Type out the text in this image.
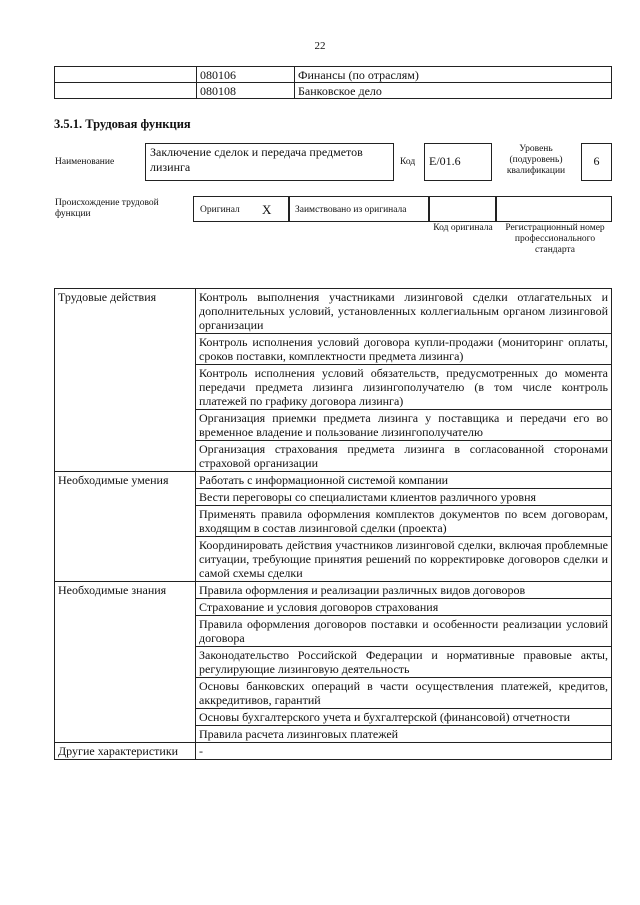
22
	080106	Финансы (по отраслям)
	080108	Банковское дело
3.5.1. Трудовая функция
Наименование
Заключение сделок и передача предметов лизинга	Код	E/01.6
Уровень (подуровень) квалификации
6
Происхождение трудовой функции	Оригинал X	Заимствовано из оригинала
Код оригинала	Регистрационный номер профессионального стандарта
Трудовые действия	Контроль выполнения участниками лизинговой сделки отлагательных и дополнительных условий, установленных коллегиальным органом лизинговой организации
	Контроль исполнения условий договора купли-продажи (мониторинг оплаты, сроков поставки, комплектности предмета лизинга)
	Контроль исполнения условий обязательств, предусмотренных до момента передачи предмета лизинга лизингополучателю (в том числе контроль платежей по графику договора лизинга)
	Организация приемки предмета лизинга у поставщика и передачи его во временное владение и пользование лизингополучателю
	Организация страхования предмета лизинга в согласованной сторонами страховой организации
Необходимые умения	Работать с информационной системой компании
	Вести переговоры со специалистами клиентов различного уровня
	Применять правила оформления комплектов документов по всем договорам, входящим в состав лизинговой сделки (проекта)
	Координировать действия участников лизинговой сделки, включая проблемные ситуации, требующие принятия решений по корректировке договоров сделки и самой схемы сделки
Необходимые знания	Правила оформления и реализации различных видов договоров
	Страхование и условия договоров страхования
	Правила оформления договоров поставки и особенности реализации условий договора
	Законодательство Российской Федерации и нормативные правовые акты, регулирующие лизинговую деятельность
	Основы банковских операций в части осуществления платежей, кредитов, аккредитивов, гарантий
	Основы бухгалтерского учета и бухгалтерской (финансовой) отчетности
	Правила расчета лизинговых платежей
Другие характеристики	-
